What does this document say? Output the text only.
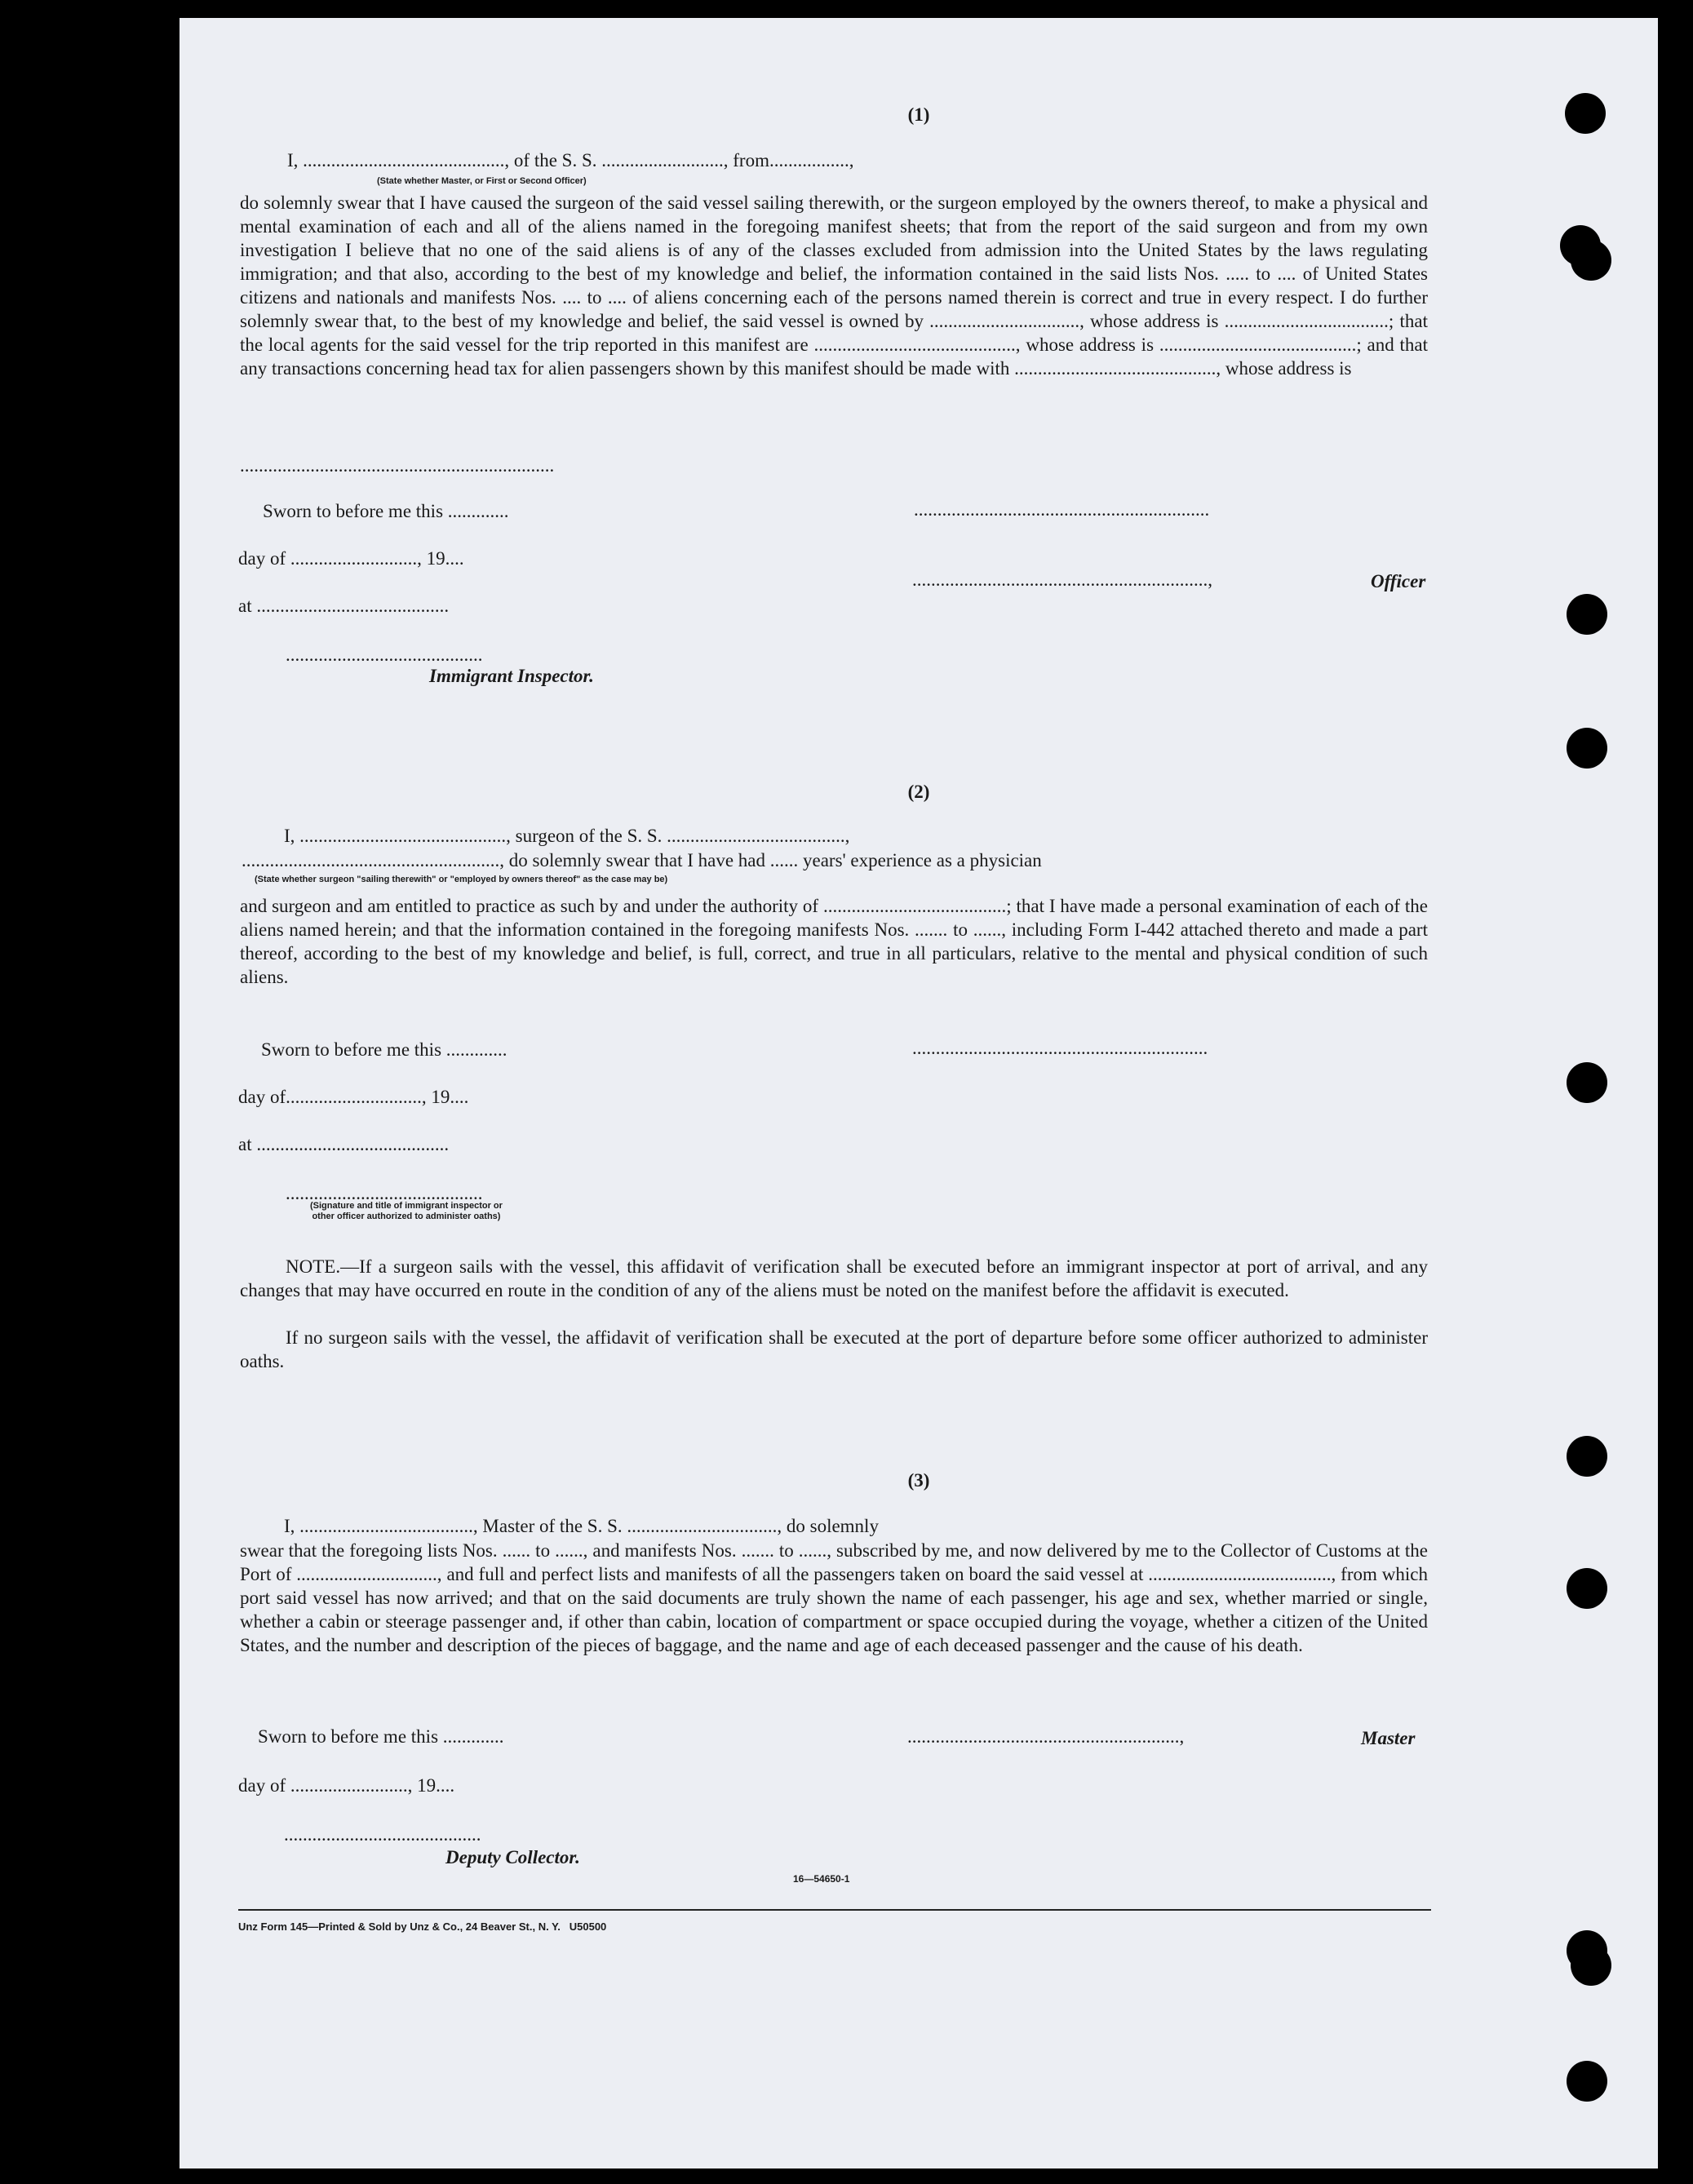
(1)
I, ..........................................., of the S. S. .........................., from.................,
(State whether Master, or First or Second Officer)
do solemnly swear that I have caused the surgeon of the said vessel sailing therewith, or the surgeon employed by the owners thereof, to make a physical and mental examination of each and all of the aliens named in the foregoing manifest sheets; that from the report of the said surgeon and from my own investigation I believe that no one of the said aliens is of any of the classes excluded from admission into the United States by the laws regulating immigration; and that also, according to the best of my knowledge and belief, the information contained in the said lists Nos. ..... to .... of United States citizens and nationals and manifests Nos. .... to .... of aliens concerning each of the persons named therein is correct and true in every respect. I do further solemnly swear that, to the best of my knowledge and belief, the said vessel is owned by ................................, whose address is ...................................; that the local agents for the said vessel for the trip reported in this manifest are ..........................................., whose address is ..........................................; and that any transactions concerning head tax for alien passengers shown by this manifest should be made with ..........................................., whose address is
...................................................................
Sworn to before me this .............	...............................................................
day of ..........................., 19....
...............................................................,	Officer
at .........................................
..........................................
Immigrant Inspector.
(2)
I, ............................................, surgeon of the S. S. ......................................,
......................................................., do solemnly swear that I have had ...... years' experience as a physician
(State whether surgeon "sailing therewith" or "employed by owners thereof" as the case may be)
and surgeon and am entitled to practice as such by and under the authority of .......................................; that I have made a personal examination of each of the aliens named herein; and that the information contained in the foregoing manifests Nos. ....... to ......, including Form I-442 attached thereto and made a part thereof, according to the best of my knowledge and belief, is full, correct, and true in all particulars, relative to the mental and physical condition of such aliens.
Sworn to before me this .............	...............................................................
day of............................., 19....
at .........................................
..........................................
(Signature and title of immigrant inspector or
other officer authorized to administer oaths)
NOTE.—If a surgeon sails with the vessel, this affidavit of verification shall be executed before an immigrant inspector at port of arrival, and any changes that may have occurred en route in the condition of any of the aliens must be noted on the manifest before the affidavit is executed.
If no surgeon sails with the vessel, the affidavit of verification shall be executed at the port of departure before some officer authorized to administer oaths.
(3)
I, ....................................., Master of the S. S. ................................, do solemnly
swear that the foregoing lists Nos. ...... to ......, and manifests Nos. ....... to ......, subscribed by me, and now delivered by me to the Collector of Customs at the Port of .............................., and full and perfect lists and manifests of all the passengers taken on board the said vessel at ......................................., from which port said vessel has now arrived; and that on the said documents are truly shown the name of each passenger, his age and sex, whether married or single, whether a cabin or steerage passenger and, if other than cabin, location of compartment or space occupied during the voyage, whether a citizen of the United States, and the number and description of the pieces of baggage, and the name and age of each deceased passenger and the cause of his death.
Sworn to before me this .............	..........................................................,	Master
day of ........................., 19....
..........................................
Deputy Collector.
16—54650-1
Unz Form 145—Printed & Sold by Unz & Co., 24 Beaver St., N. Y.   U50500
